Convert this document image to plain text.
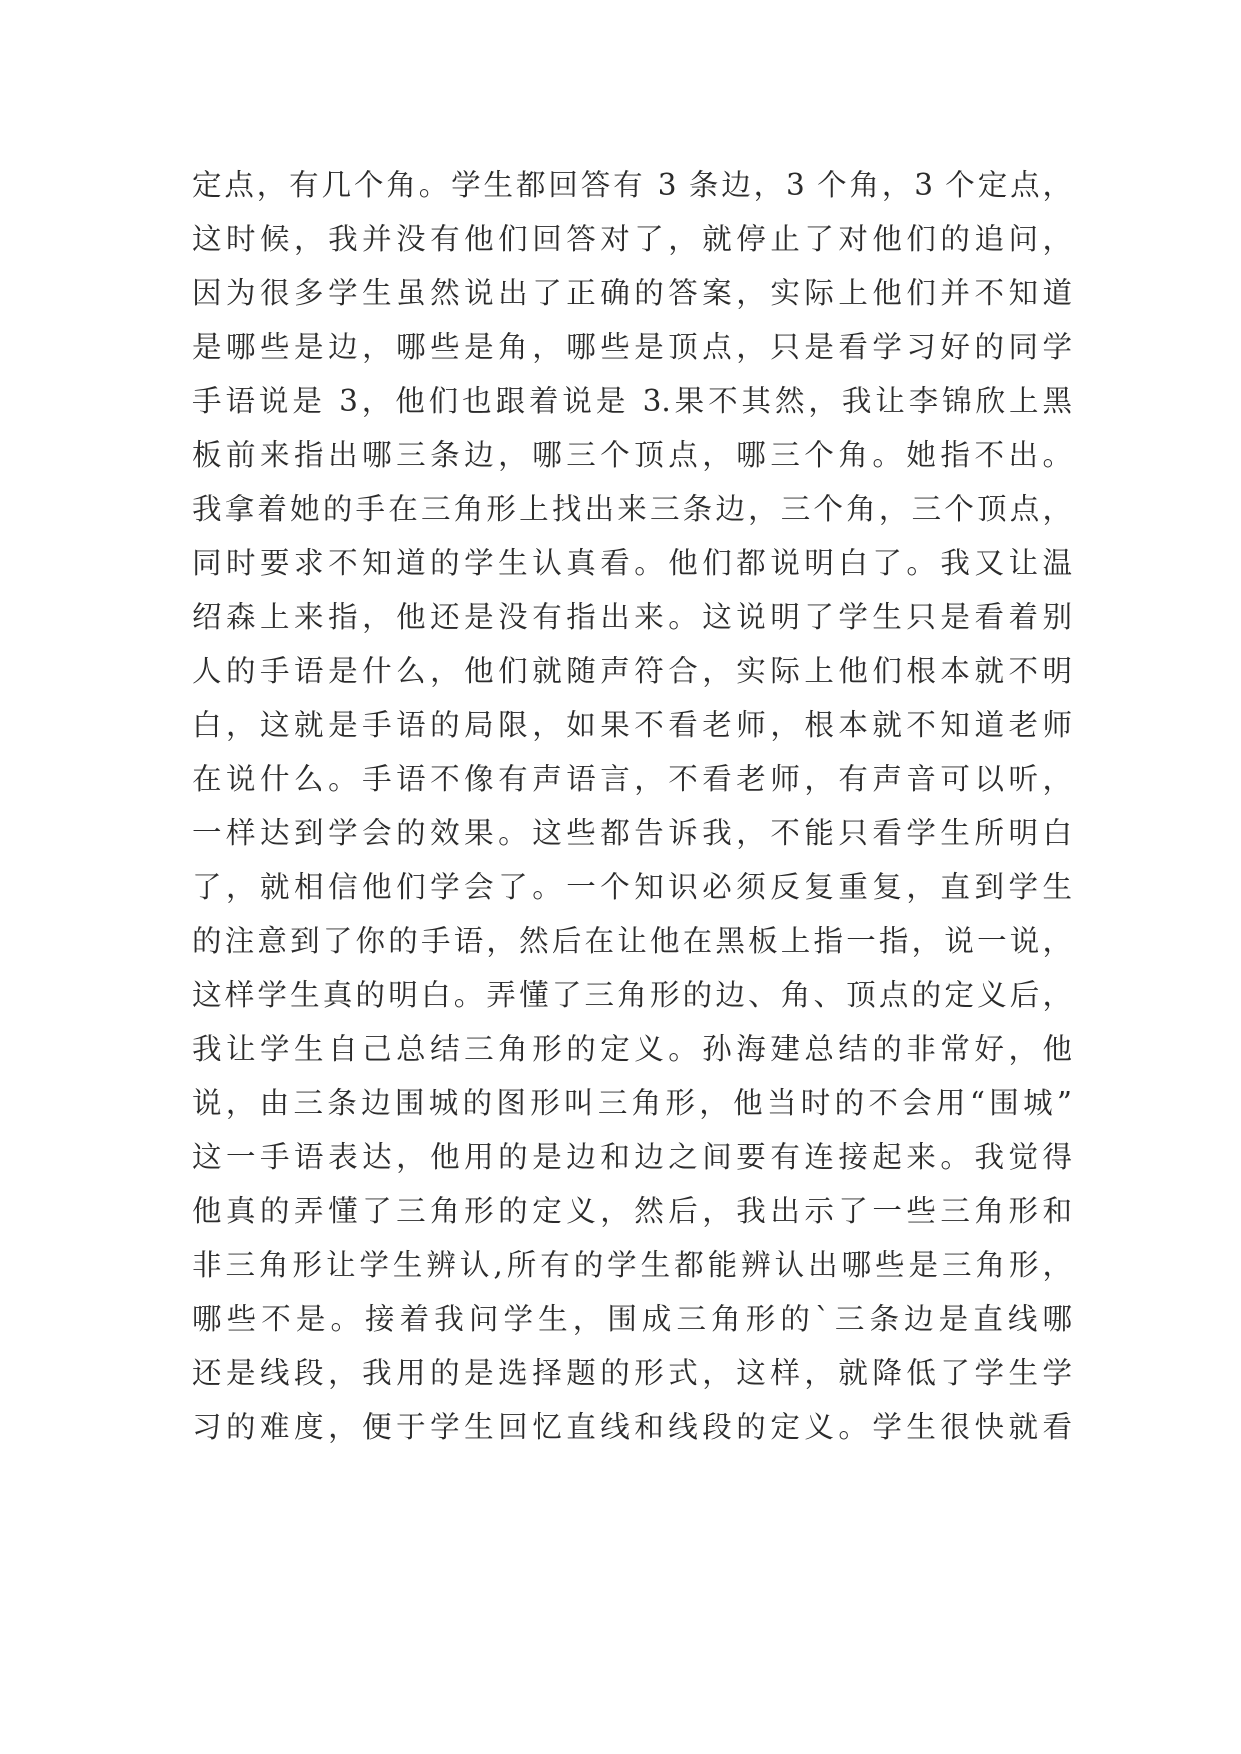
定点，有几个角。学生都回答有 3 条边，3 个角，3 个定点，
这时候，我并没有他们回答对了，就停止了对他们的追问，
因为很多学生虽然说出了正确的答案，实际上他们并不知道
是哪些是边，哪些是角，哪些是顶点，只是看学习好的同学
手语说是 3，他们也跟着说是 3.果不其然，我让李锦欣上黑
板前来指出哪三条边，哪三个顶点，哪三个角。她指不出。
我拿着她的手在三角形上找出来三条边，三个角，三个顶点，
同时要求不知道的学生认真看。他们都说明白了。我又让温
绍森上来指，他还是没有指出来。这说明了学生只是看着别
人的手语是什么，他们就随声符合，实际上他们根本就不明
白，这就是手语的局限，如果不看老师，根本就不知道老师
在说什么。手语不像有声语言，不看老师，有声音可以听，
一样达到学会的效果。这些都告诉我，不能只看学生所明白
了，就相信他们学会了。一个知识必须反复重复，直到学生
的注意到了你的手语，然后在让他在黑板上指一指，说一说，
这样学生真的明白。弄懂了三角形的边、角、顶点的定义后，
我让学生自己总结三角形的定义。孙海建总结的非常好，他
说，由三条边围城的图形叫三角形，他当时的不会用“围城”
这一手语表达，他用的是边和边之间要有连接起来。我觉得
他真的弄懂了三角形的定义，然后，我出示了一些三角形和
非三角形让学生辨认,所有的学生都能辨认出哪些是三角形，
哪些不是。接着我问学生，围成三角形的`三条边是直线哪
还是线段，我用的是选择题的形式，这样，就降低了学生学
习的难度，便于学生回忆直线和线段的定义。学生很快就看
